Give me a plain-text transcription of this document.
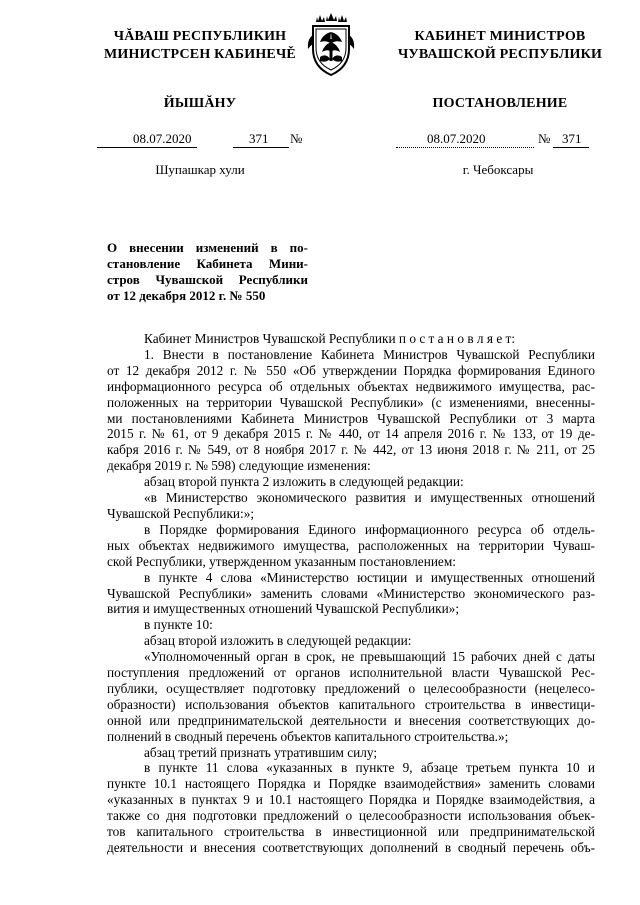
ЧĂВАШ РЕСПУБЛИКИН
МИНИСТРСЕН КАБИНЕЧĚ
ЙЫШĂНУ
КАБИНЕТ МИНИСТРОВ
ЧУВАШСКОЙ РЕСПУБЛИКИ
ПОСТАНОВЛЕНИЕ
08.07.2020	371 №	08.07.2020	№ 371
Шупашкар хули	г. Чебоксары
О внесении изменений в по-
становление Кабинета Мини-
стров Чувашской Республики
от 12 декабря 2012 г. № 550
Кабинет Министров Чувашской Республики п о с т а н о в л я е т:
1. Внести в постановление Кабинета Министров Чувашской Республики
от 12 декабря 2012 г. № 550 «Об утверждении Порядка формирования Единого
информационного ресурса об отдельных объектах недвижимого имущества, рас-
положенных на территории Чувашской Республики» (с изменениями, внесенны-
ми постановлениями Кабинета Министров Чувашской Республики от 3 марта
2015 г. № 61, от 9 декабря 2015 г. № 440, от 14 апреля 2016 г. № 133, от 19 де-
кабря 2016 г. № 549, от 8 ноября 2017 г. № 442, от 13 июня 2018 г. № 211, от 25
декабря 2019 г. № 598) следующие изменения:
абзац второй пункта 2 изложить в следующей редакции:
«в Министерство экономического развития и имущественных отношений
Чувашской Республики:»;
в Порядке формирования Единого информационного ресурса об отдель-
ных объектах недвижимого имущества, расположенных на территории Чуваш-
ской Республики, утвержденном указанным постановлением:
в пункте 4 слова «Министерство юстиции и имущественных отношений
Чувашской Республики» заменить словами «Министерство экономического раз-
вития и имущественных отношений Чувашской Республики»;
в пункте 10:
абзац второй изложить в следующей редакции:
«Уполномоченный орган в срок, не превышающий 15 рабочих дней с даты
поступления предложений от органов исполнительной власти Чувашской Рес-
публики, осуществляет подготовку предложений о целесообразности (нецелесо-
образности) использования объектов капитального строительства в инвестици-
онной или предпринимательской деятельности и внесения соответствующих до-
полнений в сводный перечень объектов капитального строительства.»;
абзац третий признать утратившим силу;
в пункте 11 слова «указанных в пункте 9, абзаце третьем пункта 10 и
пункте 10.1 настоящего Порядка и Порядке взаимодействия» заменить словами
«указанных в пунктах 9 и 10.1 настоящего Порядка и Порядке взаимодействия, а
также со дня подготовки предложений о целесообразности использования объек-
тов капитального строительства в инвестиционной или предпринимательской
деятельности и внесения соответствующих дополнений в сводный перечень объ-
